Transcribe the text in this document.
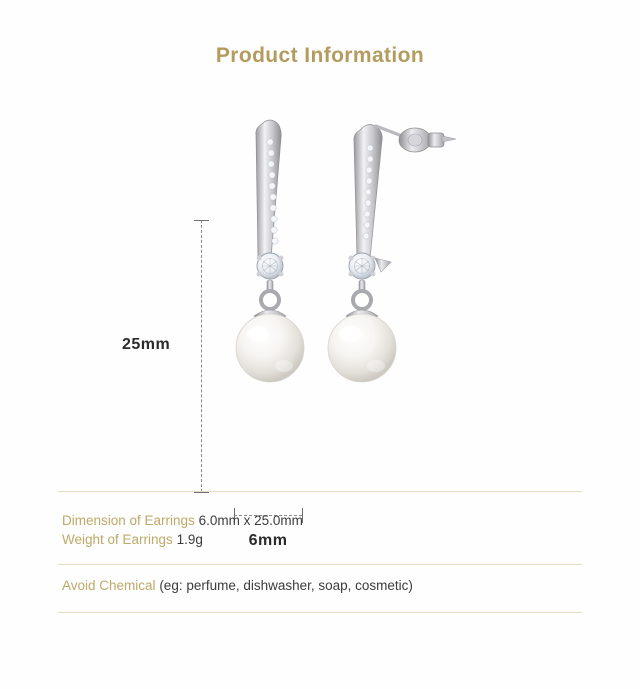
Product Information
25mm
6mm
Dimension of Earrings 6.0mm x 25.0mm
Weight of Earrings 1.9g
Avoid Chemical (eg: perfume, dishwasher, soap, cosmetic)
